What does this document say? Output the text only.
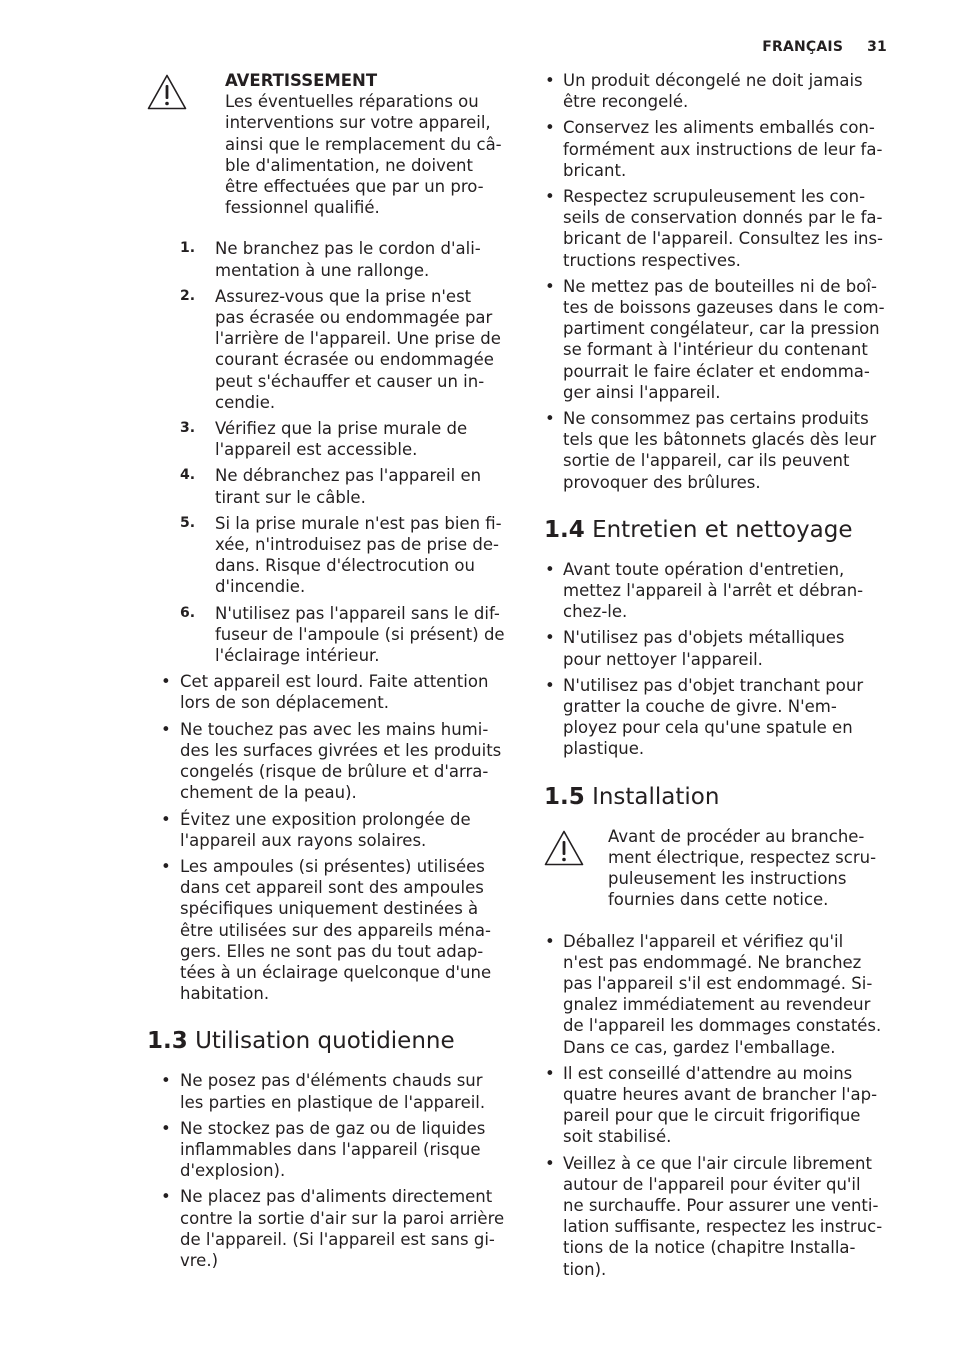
FRANÇAIS 31
AVERTISSEMENT
Les éventuelles réparations ou
interventions sur votre appareil,
ainsi que le remplacement du câ-
ble d'alimentation, ne doivent
être effectuées que par un pro-
fessionnel qualifié.
1. Ne branchez pas le cordon d'ali-
mentation à une rallonge.
2. Assurez-vous que la prise n'est
pas écrasée ou endommagée par
l'arrière de l'appareil. Une prise de
courant écrasée ou endommagée
peut s'échauffer et causer un in-
cendie.
3. Vérifiez que la prise murale de
l'appareil est accessible.
4. Ne débranchez pas l'appareil en
tirant sur le câble.
5. Si la prise murale n'est pas bien fi-
xée, n'introduisez pas de prise de-
dans. Risque d'électrocution ou
d'incendie.
6. N'utilisez pas l'appareil sans le dif-
fuseur de l'ampoule (si présent) de
l'éclairage intérieur.
• Cet appareil est lourd. Faite attention
lors de son déplacement.
• Ne touchez pas avec les mains humi-
des les surfaces givrées et les produits
congelés (risque de brûlure et d'arra-
chement de la peau).
• Évitez une exposition prolongée de
l'appareil aux rayons solaires.
• Les ampoules (si présentes) utilisées
dans cet appareil sont des ampoules
spécifiques uniquement destinées à
être utilisées sur des appareils ména-
gers. Elles ne sont pas du tout adap-
tées à un éclairage quelconque d'une
habitation.
1.3 Utilisation quotidienne
• Ne posez pas d'éléments chauds sur
les parties en plastique de l'appareil.
• Ne stockez pas de gaz ou de liquides
inflammables dans l'appareil (risque
d'explosion).
• Ne placez pas d'aliments directement
contre la sortie d'air sur la paroi arrière
de l'appareil. (Si l'appareil est sans gi-
vre.)
• Un produit décongelé ne doit jamais
être recongelé.
• Conservez les aliments emballés con-
formément aux instructions de leur fa-
bricant.
• Respectez scrupuleusement les con-
seils de conservation donnés par le fa-
bricant de l'appareil. Consultez les ins-
tructions respectives.
• Ne mettez pas de bouteilles ni de boî-
tes de boissons gazeuses dans le com-
partiment congélateur, car la pression
se formant à l'intérieur du contenant
pourrait le faire éclater et endomma-
ger ainsi l'appareil.
• Ne consommez pas certains produits
tels que les bâtonnets glacés dès leur
sortie de l'appareil, car ils peuvent
provoquer des brûlures.
1.4 Entretien et nettoyage
• Avant toute opération d'entretien,
mettez l'appareil à l'arrêt et débran-
chez-le.
• N'utilisez pas d'objets métalliques
pour nettoyer l'appareil.
• N'utilisez pas d'objet tranchant pour
gratter la couche de givre. N'em-
ployez pour cela qu'une spatule en
plastique.
1.5 Installation
Avant de procéder au branche-
ment électrique, respectez scru-
puleusement les instructions
fournies dans cette notice.
• Déballez l'appareil et vérifiez qu'il
n'est pas endommagé. Ne branchez
pas l'appareil s'il est endommagé. Si-
gnalez immédiatement au revendeur
de l'appareil les dommages constatés.
Dans ce cas, gardez l'emballage.
• Il est conseillé d'attendre au moins
quatre heures avant de brancher l'ap-
pareil pour que le circuit frigorifique
soit stabilisé.
• Veillez à ce que l'air circule librement
autour de l'appareil pour éviter qu'il
ne surchauffe. Pour assurer une venti-
lation suffisante, respectez les instruc-
tions de la notice (chapitre Installa-
tion).
